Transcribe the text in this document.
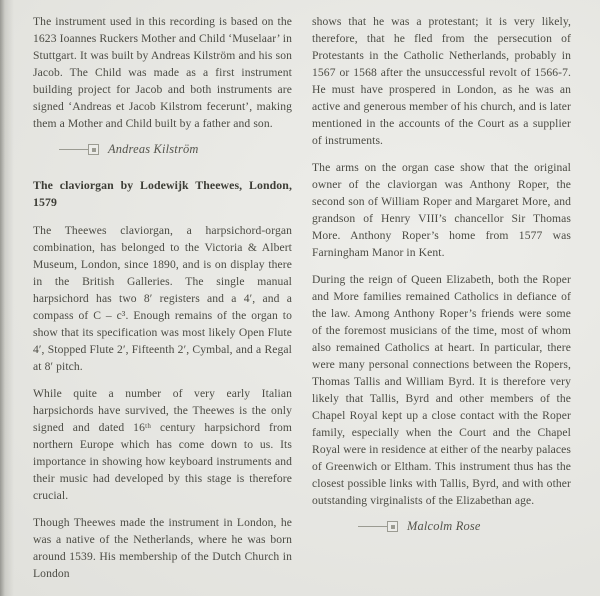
The instrument used in this recording is based on the 1623 Ioannes Ruckers Mother and Child ‘Muselaar’ in Stuttgart. It was built by Andreas Kilström and his son Jacob. The Child was made as a first instrument building project for Jacob and both instruments are signed ‘Andreas et Jacob Kilstrom fecerunt’, making them a Mother and Child built by a father and son.

Andreas Kilström
The claviorgan by Lodewijk Theewes, London, 1579

The Theewes claviorgan, a harpsichord-organ combination, has belonged to the Victoria & Albert Museum, London, since 1890, and is on display there in the British Galleries. The single manual harpsichord has two 8′ registers and a 4′, and a compass of C – c³. Enough remains of the organ to show that its specification was most likely Open Flute 4′, Stopped Flute 2′, Fifteenth 2′, Cymbal, and a Regal at 8′ pitch.

While quite a number of very early Italian harpsichords have survived, the Theewes is the only signed and dated 16ᵗʰ century harpsichord from northern Europe which has come down to us. Its importance in showing how keyboard instruments and their music had developed by this stage is therefore crucial.

Though Theewes made the instrument in London, he was a native of the Netherlands, where he was born around 1539. His membership of the Dutch Church in London

shows that he was a protestant; it is very likely, therefore, that he fled from the persecution of Protestants in the Catholic Netherlands, probably in 1567 or 1568 after the unsuccessful revolt of 1566-7. He must have prospered in London, as he was an active and generous member of his church, and is later mentioned in the accounts of the Court as a supplier of instruments.

The arms on the organ case show that the original owner of the claviorgan was Anthony Roper, the second son of William Roper and Margaret More, and grandson of Henry VIII’s chancellor Sir Thomas More. Anthony Roper’s home from 1577 was Farningham Manor in Kent.

During the reign of Queen Elizabeth, both the Roper and More families remained Catholics in defiance of the law. Among Anthony Roper’s friends were some of the foremost musicians of the time, most of whom also remained Catholics at heart. In particular, there were many personal connections between the Ropers, Thomas Tallis and William Byrd. It is therefore very likely that Tallis, Byrd and other members of the Chapel Royal kept up a close contact with the Roper family, especially when the Court and the Chapel Royal were in residence at either of the nearby palaces of Greenwich or Eltham. This instrument thus has the closest possible links with Tallis, Byrd, and with other outstanding virginalists of the Elizabethan age.

Malcolm Rose
